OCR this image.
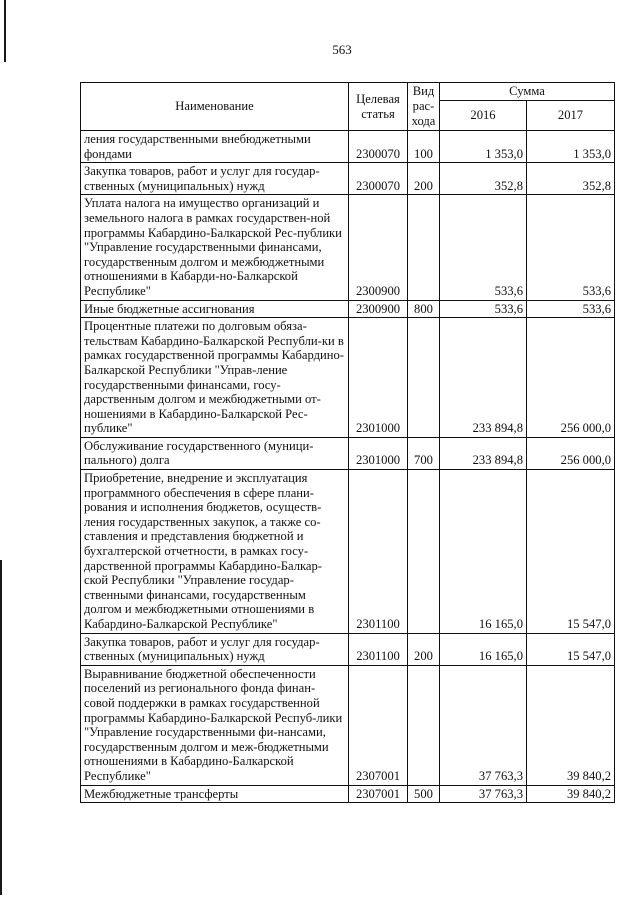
563
Наименование	Целевая статья	Вид рас-хода	Сумма	
			2016	2017
ления государственными внебюджетными фондами	2300070	100	1 353,0	1 353,0
Закупка товаров, работ и услуг для государ-ственных (муниципальных) нужд	2300070	200	352,8	352,8
Уплата налога на имущество организаций и земельного налога в рамках государствен-ной программы Кабардино-Балкарской Рес-публики "Управление государственными финансами, государственным долгом и межбюджетными отношениями в Кабарди-но-Балкарской Республике"	2300900		533,6	533,6
Иные бюджетные ассигнования	2300900	800	533,6	533,6
Процентные платежи по долговым обяза-тельствам Кабардино-Балкарской Республи-ки в рамках государственной программы Кабардино-Балкарской Республики "Управ-ление государственными финансами, госу-дарственным долгом и межбюджетными от-ношениями в Кабардино-Балкарской Рес-публике"	2301000		233 894,8	256 000,0
Обслуживание государственного (муници-пального) долга	2301000	700	233 894,8	256 000,0
Приобретение, внедрение и эксплуатация программного обеспечения в сфере плани-рования и исполнения бюджетов, осуществ-ления государственных закупок, а также со-ставления и представления бюджетной и бухгалтерской отчетности, в рамках госу-дарственной программы Кабардино-Балкар-ской Республики "Управление государ-ственными финансами, государственным долгом и межбюджетными отношениями в Кабардино-Балкарской Республике"	2301100		16 165,0	15 547,0
Закупка товаров, работ и услуг для государ-ственных (муниципальных) нужд	2301100	200	16 165,0	15 547,0
Выравнивание бюджетной обеспеченности поселений из регионального фонда финан-совой поддержки в рамках государственной программы Кабардино-Балкарской Респуб-лики "Управление государственными фи-нансами, государственным долгом и меж-бюджетными отношениями в Кабардино-Балкарской Республике"	2307001		37 763,3	39 840,2
Межбюджетные трансферты	2307001	500	37 763,3	39 840,2
